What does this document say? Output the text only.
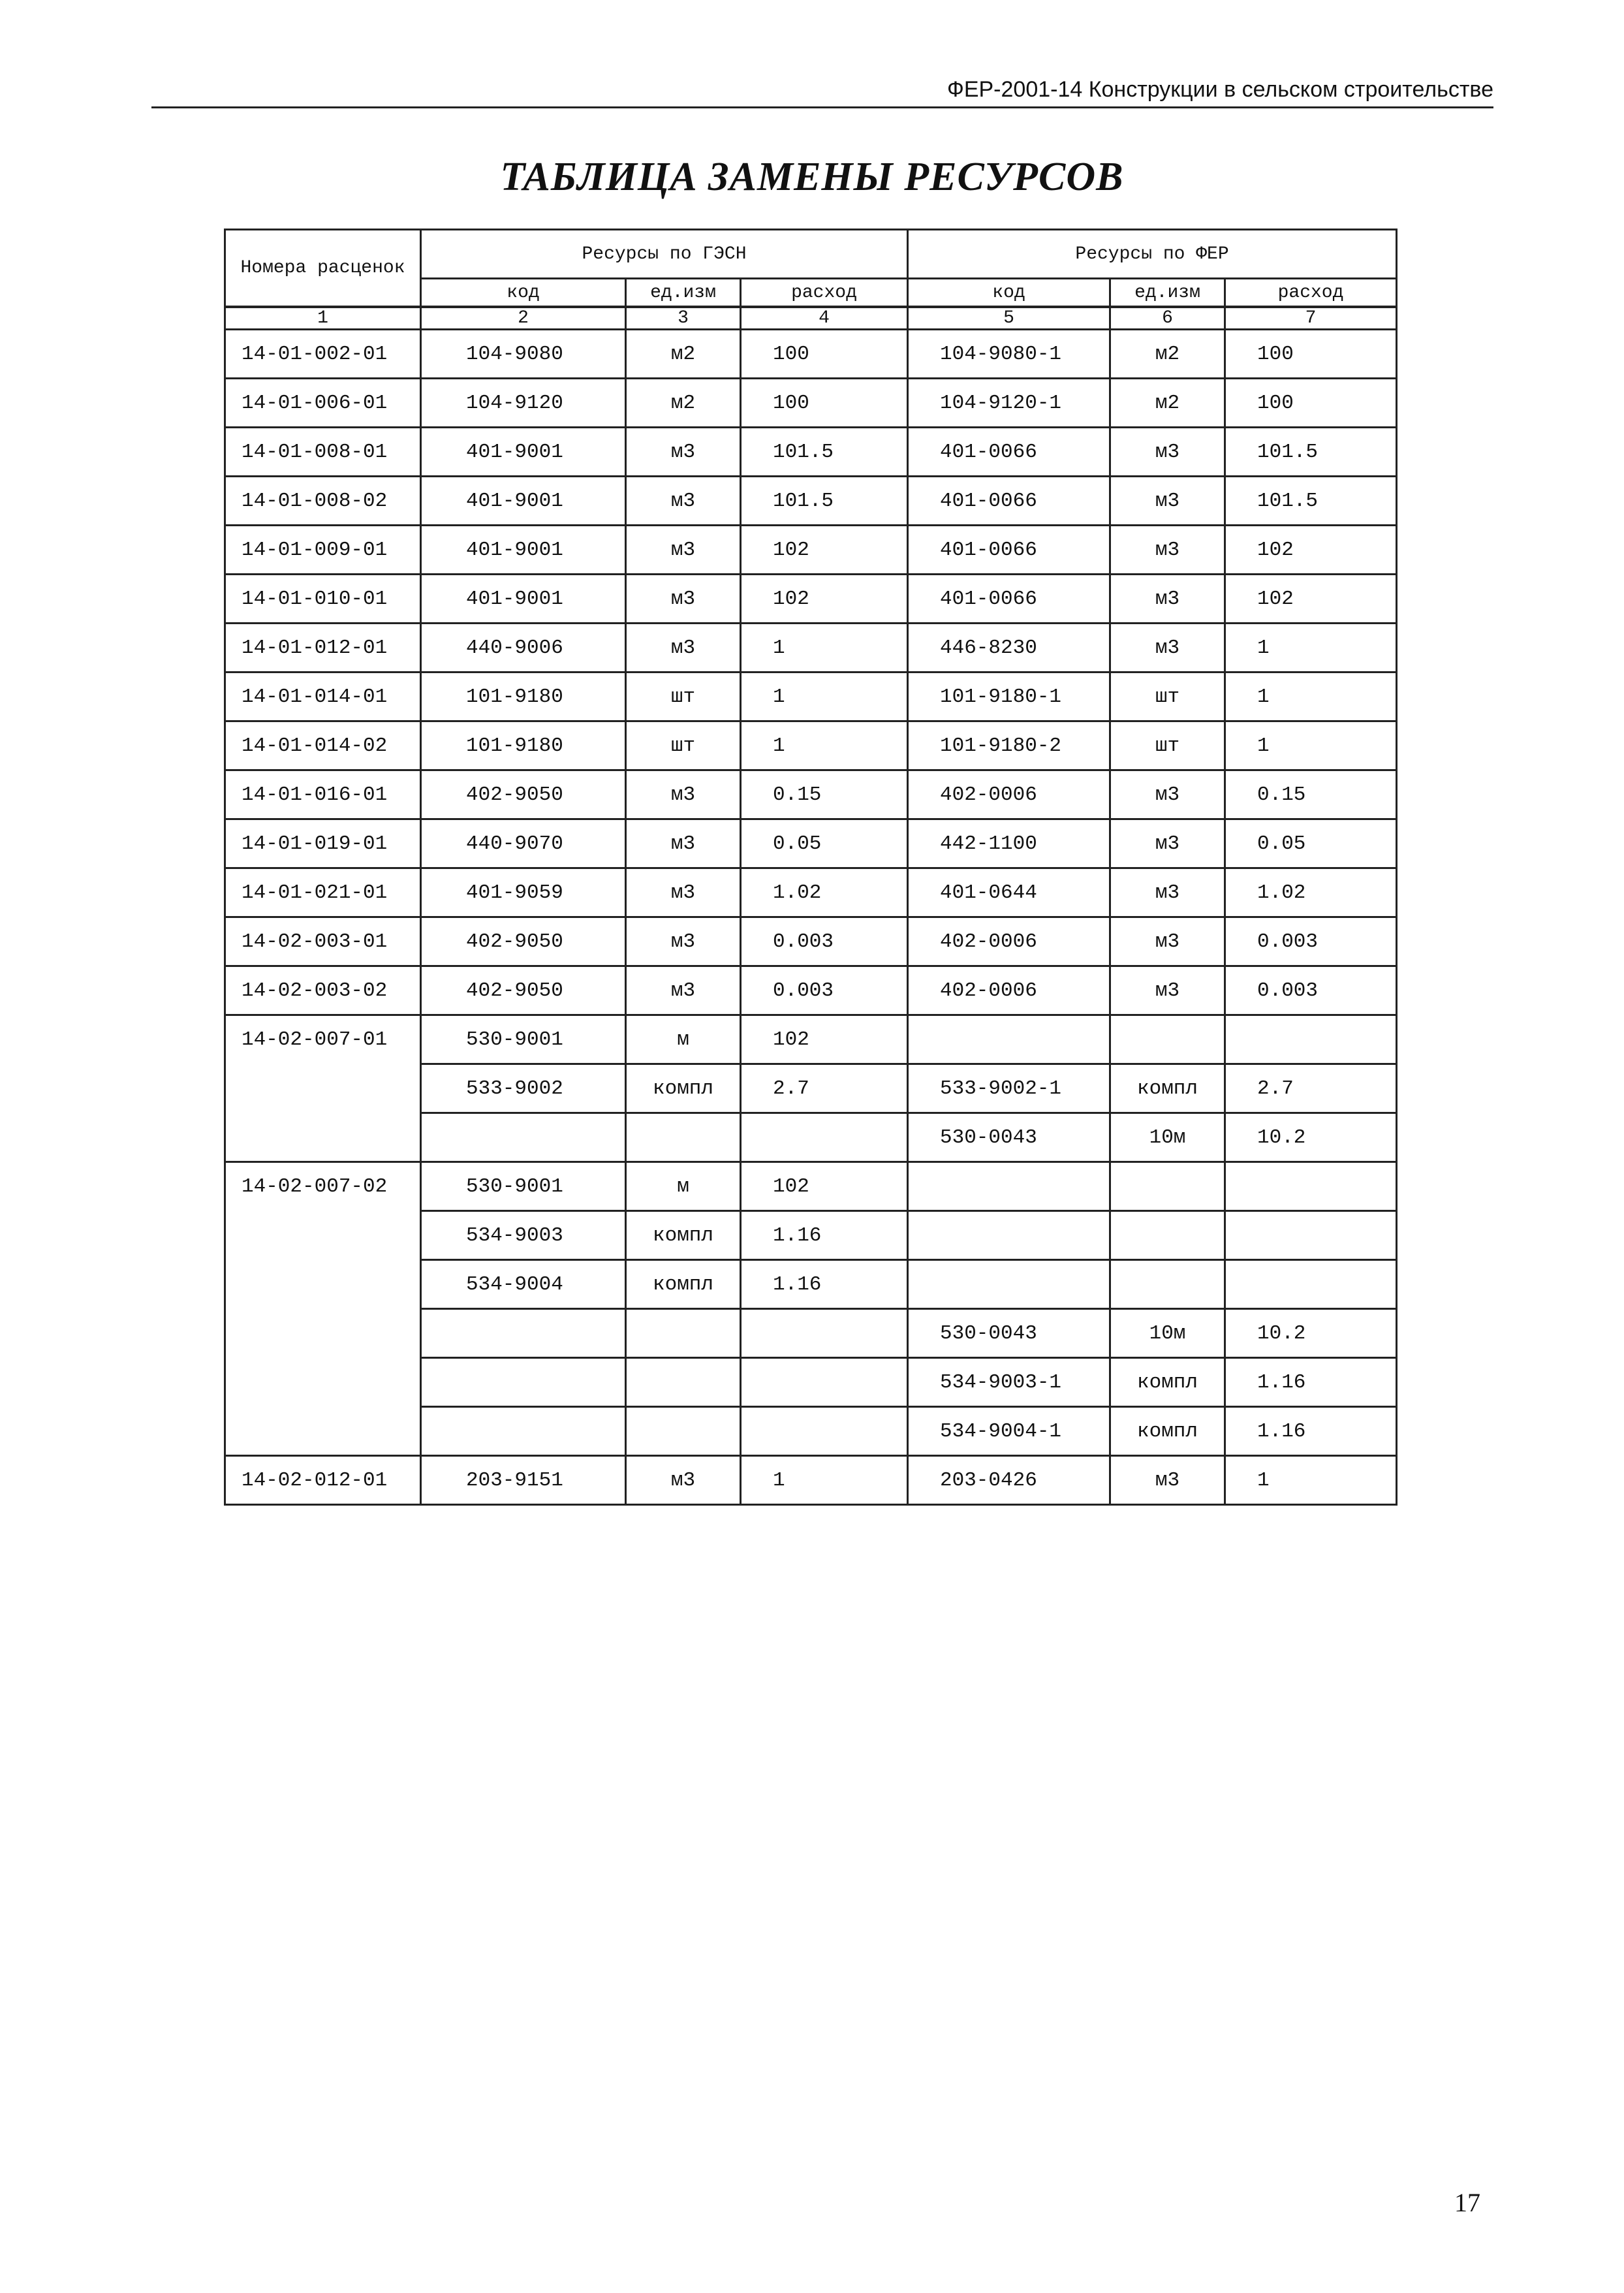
ФЕР-2001-14 Конструкции в сельском строительстве
ТАБЛИЦА ЗАМЕНЫ РЕСУРСОВ
Номера расценок	Ресурсы по ГЭСН			Ресурсы по ФЕР		
	код	ед.изм	расход	код	ед.изм	расход
1	2	3	4	5	6	7
14-01-002-01	104-9080	м2	100	104-9080-1	м2	100
14-01-006-01	104-9120	м2	100	104-9120-1	м2	100
14-01-008-01	401-9001	м3	101.5	401-0066	м3	101.5
14-01-008-02	401-9001	м3	101.5	401-0066	м3	101.5
14-01-009-01	401-9001	м3	102	401-0066	м3	102
14-01-010-01	401-9001	м3	102	401-0066	м3	102
14-01-012-01	440-9006	м3	1	446-8230	м3	1
14-01-014-01	101-9180	шт	1	101-9180-1	шт	1
14-01-014-02	101-9180	шт	1	101-9180-2	шт	1
14-01-016-01	402-9050	м3	0.15	402-0006	м3	0.15
14-01-019-01	440-9070	м3	0.05	442-1100	м3	0.05
14-01-021-01	401-9059	м3	1.02	401-0644	м3	1.02
14-02-003-01	402-9050	м3	0.003	402-0006	м3	0.003
14-02-003-02	402-9050	м3	0.003	402-0006	м3	0.003
14-02-007-01	530-9001	м	102			
	533-9002	компл	2.7	533-9002-1	компл	2.7
				530-0043	10м	10.2
14-02-007-02	530-9001	м	102			
	534-9003	компл	1.16			
	534-9004	компл	1.16			
				530-0043	10м	10.2
				534-9003-1	компл	1.16
				534-9004-1	компл	1.16
14-02-012-01	203-9151	м3	1	203-0426	м3	1
17
